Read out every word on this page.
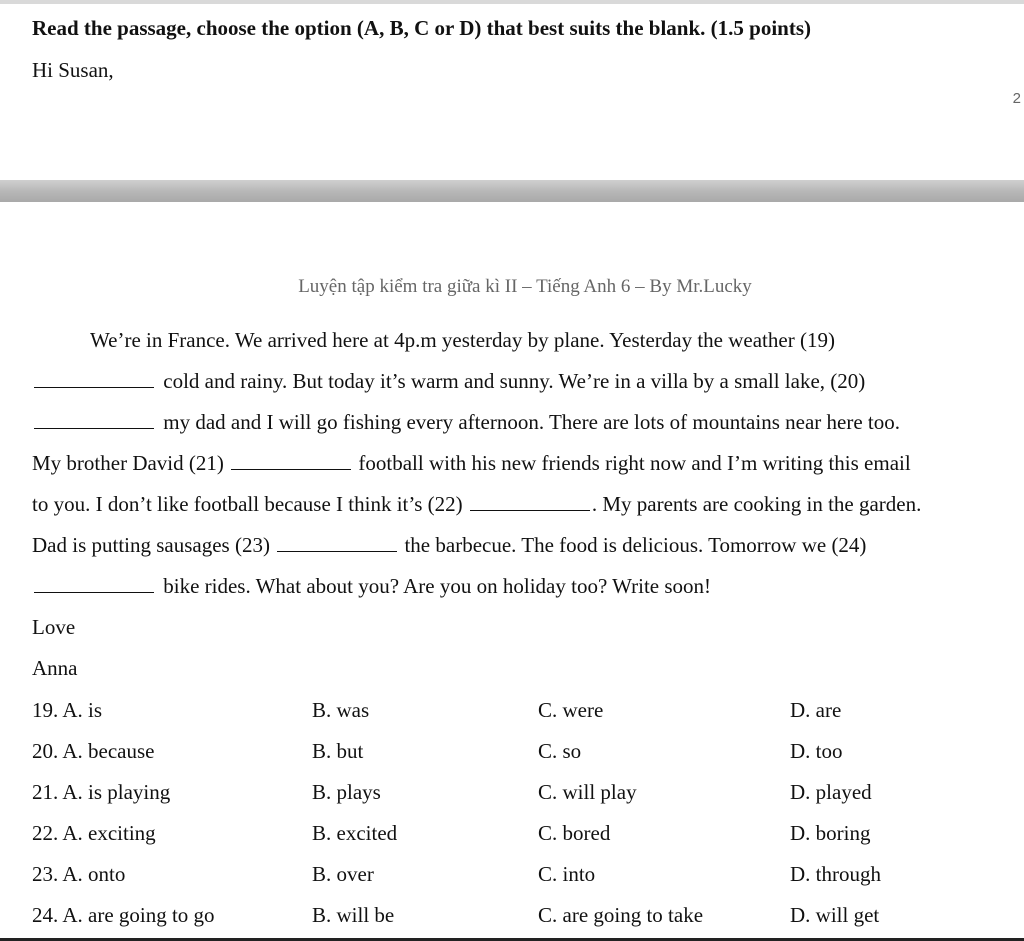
Read the passage, choose the option (A, B, C or D) that best suits the blank. (1.5 points)
Hi Susan,
2
Luyện tập kiểm tra giữa kì II – Tiếng Anh 6 – By Mr.Lucky
We’re in France. We arrived here at 4p.m yesterday by plane. Yesterday the weather (19)
cold and rainy. But today it’s warm and sunny. We’re in a villa by a small lake, (20)
my dad and I will go fishing every afternoon. There are lots of mountains near here too.
My brother David (21)	football with his new friends right now and I’m writing this email
to you. I don’t like football because I think it’s (22)	. My parents are cooking in the garden.
Dad is putting sausages (23)	the barbecue. The food is delicious. Tomorrow we (24)
bike rides. What about you? Are you on holiday too? Write soon!
Love
Anna
19. A. is	B. was	C. were	D. are
20. A. because	B. but	C. so	D. too
21. A. is playing	B. plays	C. will play	D. played
22. A. exciting	B. excited	C. bored	D. boring
23. A. onto	B. over	C. into	D. through
24. A. are going to go	B. will be	C. are going to take	D. will get
